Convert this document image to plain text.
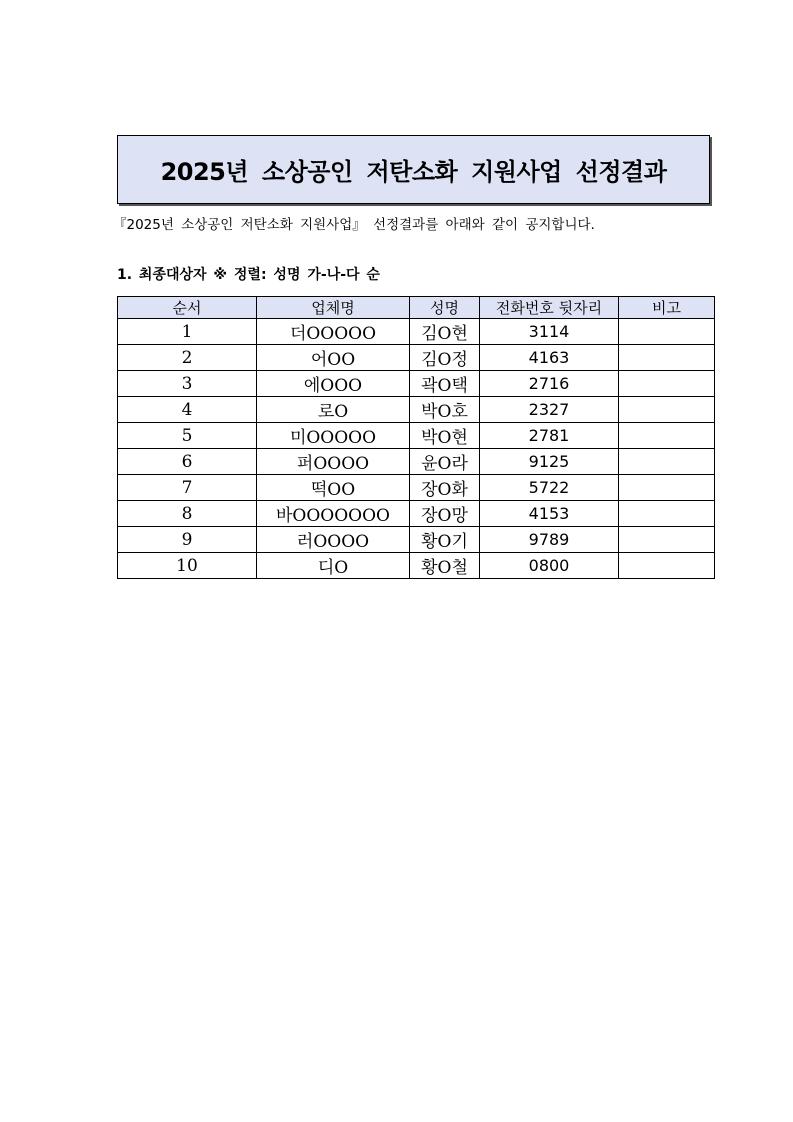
2025년 소상공인 저탄소화 지원사업 선정결과
『2025년 소상공인 저탄소화 지원사업』 선정결과를 아래와 같이 공지합니다.
1. 최종대상자 ※ 정렬: 성명 가-나-다 순
순서	업체명	성명	전화번호 뒷자리	비고
1	더OOOOO	김O현	3114	
2	어OO	김O정	4163	
3	에OOO	곽O택	2716	
4	로O	박O호	2327	
5	미OOOOO	박O현	2781	
6	퍼OOOO	윤O라	9125	
7	떡OO	장O화	5722	
8	바OOOOOOO	장O망	4153	
9	러OOOO	황O기	9789	
10	디O	황O철	0800	
